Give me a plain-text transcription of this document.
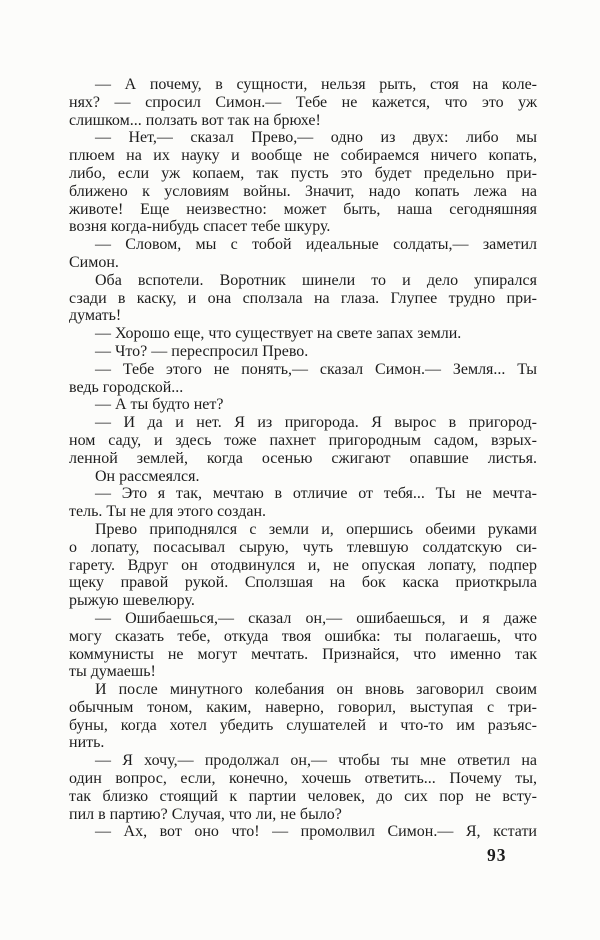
— А почему, в сущности, нельзя рыть, стоя на коле-
нях? — спросил Симон.— Тебе не кажется, что это уж
слишком... ползать вот так на брюхе!
— Нет,— сказал Прево,— одно из двух: либо мы
плюем на их науку и вообще не собираемся ничего копать,
либо, если уж копаем, так пусть это будет предельно при-
ближено к условиям войны. Значит, надо копать лежа на
животе! Еще неизвестно: может быть, наша сегодняшняя
возня когда-нибудь спасет тебе шкуру.
— Словом, мы с тобой идеальные солдаты,— заметил
Симон.
Оба вспотели. Воротник шинели то и дело упирался
сзади в каску, и она сползала на глаза. Глупее трудно при-
думать!
— Хорошо еще, что существует на свете запах земли.
— Что? — переспросил Прево.
— Тебе этого не понять,— сказал Симон.— Земля... Ты
ведь городской...
— А ты будто нет?
— И да и нет. Я из пригорода. Я вырос в пригород-
ном саду, и здесь тоже пахнет пригородным садом, взрых-
ленной землей, когда осенью сжигают опавшие листья.
Он рассмеялся.
— Это я так, мечтаю в отличие от тебя... Ты не мечта-
тель. Ты не для этого создан.
Прево приподнялся с земли и, опершись обеими руками
о лопату, посасывал сырую, чуть тлевшую солдатскую си-
гарету. Вдруг он отодвинулся и, не опуская лопату, подпер
щеку правой рукой. Сползшая на бок каска приоткрыла
рыжую шевелюру.
— Ошибаешься,— сказал он,— ошибаешься, и я даже
могу сказать тебе, откуда твоя ошибка: ты полагаешь, что
коммунисты не могут мечтать. Признайся, что именно так
ты думаешь!
И после минутного колебания он вновь заговорил своим
обычным тоном, каким, наверно, говорил, выступая с три-
буны, когда хотел убедить слушателей и что-то им разъяс-
нить.
— Я хочу,— продолжал он,— чтобы ты мне ответил на
один вопрос, если, конечно, хочешь ответить... Почему ты,
так близко стоящий к партии человек, до сих пор не всту-
пил в партию? Случая, что ли, не было?
— Ах, вот оно что! — промолвил Симон.— Я, кстати
93
